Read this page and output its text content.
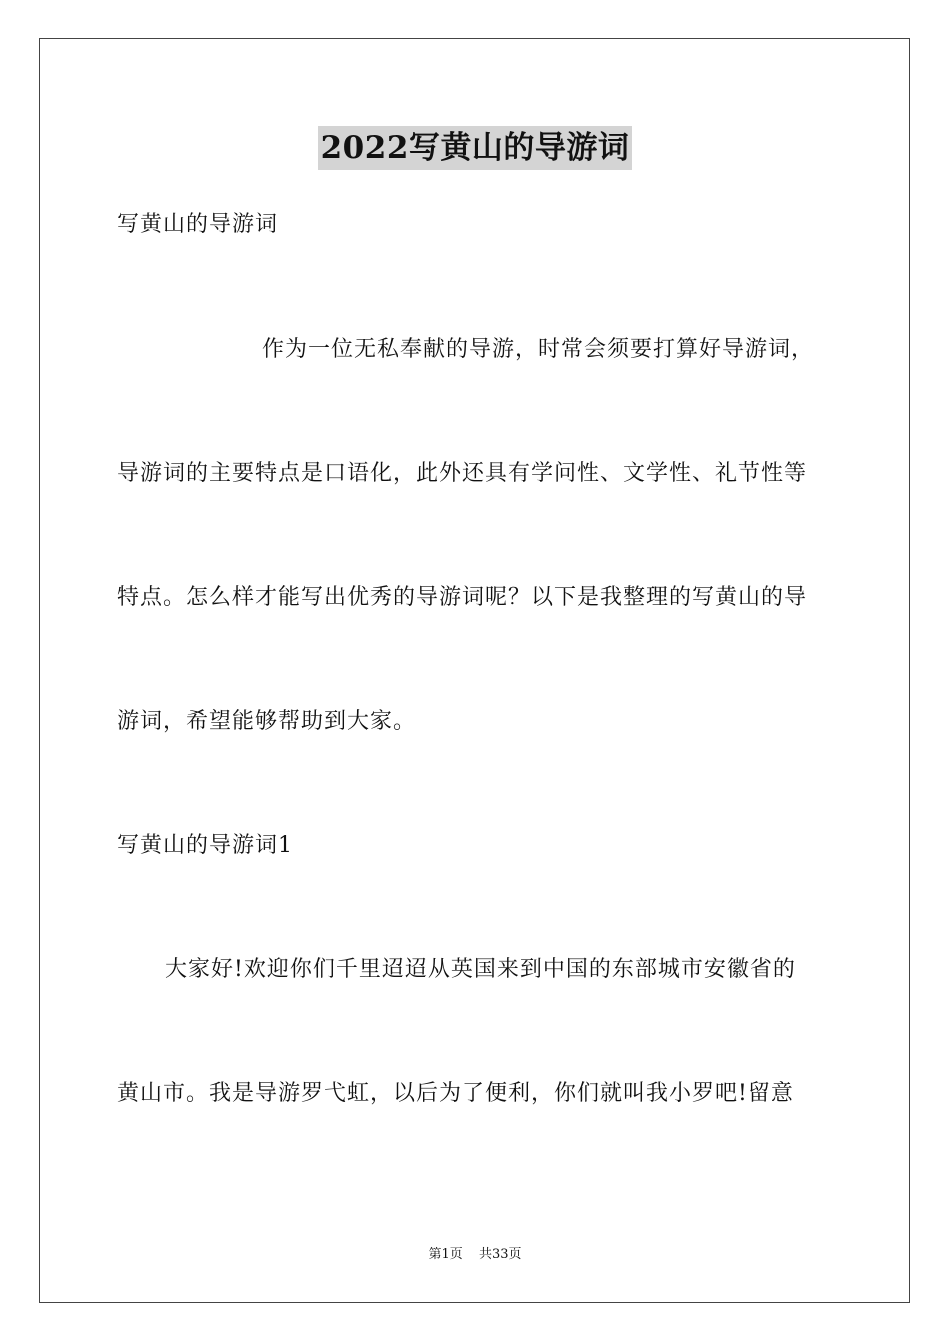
2022写黄山的导游词
写黄山的导游词
作为一位无私奉献的导游，时常会须要打算好导游词，
导游词的主要特点是口语化，此外还具有学问性、文学性、礼节性等
特点。怎么样才能写出优秀的导游词呢？以下是我整理的写黄山的导
游词，希望能够帮助到大家。
写黄山的导游词1
大家好!欢迎你们千里迢迢从英国来到中国的东部城市安徽省的
黄山市。我是导游罗弋虹，以后为了便利，你们就叫我小罗吧!留意
第1页 共33页
